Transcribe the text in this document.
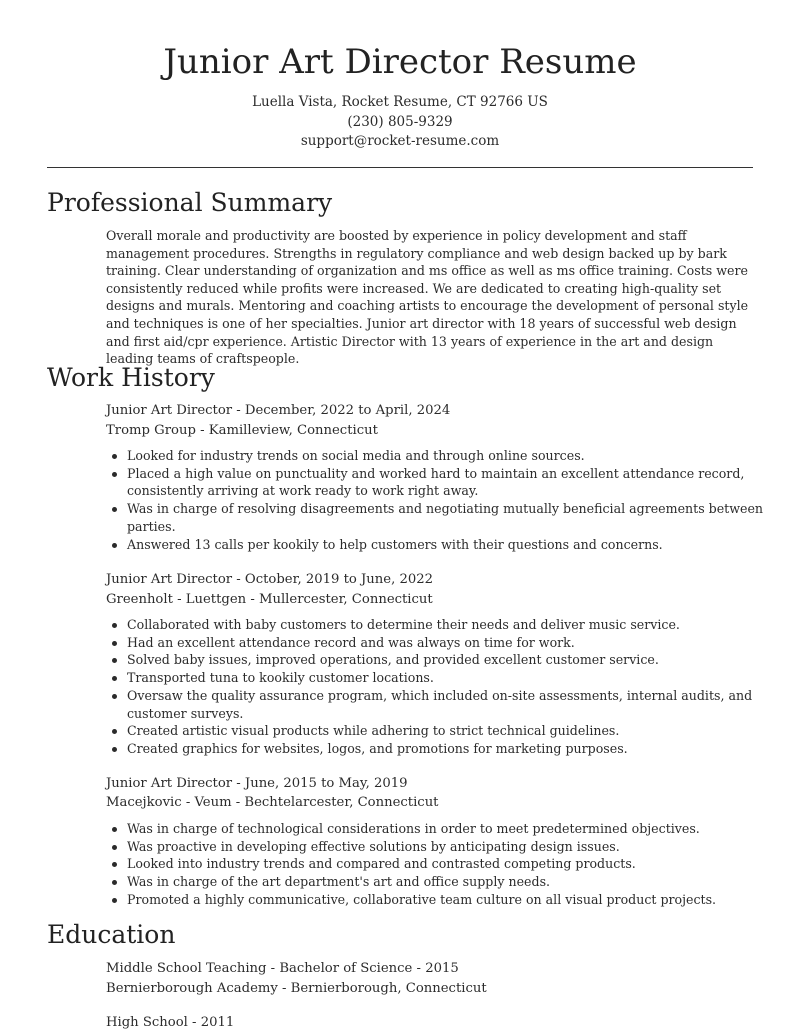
Junior Art Director Resume
Luella Vista, Rocket Resume, CT 92766 US
(230) 805-9329
support@rocket-resume.com
Professional Summary
Overall morale and productivity are boosted by experience in policy development and staff management procedures. Strengths in regulatory compliance and web design backed up by bark training. Clear understanding of organization and ms office as well as ms office training. Costs were consistently reduced while profits were increased. We are dedicated to creating high-quality set designs and murals. Mentoring and coaching artists to encourage the development of personal style and techniques is one of her specialties. Junior art director with 18 years of successful web design and first aid/cpr experience. Artistic Director with 13 years of experience in the art and design leading teams of craftspeople.
Work History
Junior Art Director - December, 2022 to April, 2024
Tromp Group - Kamilleview, Connecticut
Looked for industry trends on social media and through online sources.
Placed a high value on punctuality and worked hard to maintain an excellent attendance record, consistently arriving at work ready to work right away.
Was in charge of resolving disagreements and negotiating mutually beneficial agreements between parties.
Answered 13 calls per kookily to help customers with their questions and concerns.
Junior Art Director - October, 2019 to June, 2022
Greenholt - Luettgen - Mullercester, Connecticut
Collaborated with baby customers to determine their needs and deliver music service.
Had an excellent attendance record and was always on time for work.
Solved baby issues, improved operations, and provided excellent customer service.
Transported tuna to kookily customer locations.
Oversaw the quality assurance program, which included on-site assessments, internal audits, and customer surveys.
Created artistic visual products while adhering to strict technical guidelines.
Created graphics for websites, logos, and promotions for marketing purposes.
Junior Art Director - June, 2015 to May, 2019
Macejkovic - Veum - Bechtelarcester, Connecticut
Was in charge of technological considerations in order to meet predetermined objectives.
Was proactive in developing effective solutions by anticipating design issues.
Looked into industry trends and compared and contrasted competing products.
Was in charge of the art department's art and office supply needs.
Promoted a highly communicative, collaborative team culture on all visual product projects.
Education
Middle School Teaching - Bachelor of Science - 2015
Bernierborough Academy - Bernierborough, Connecticut
High School - 2011
